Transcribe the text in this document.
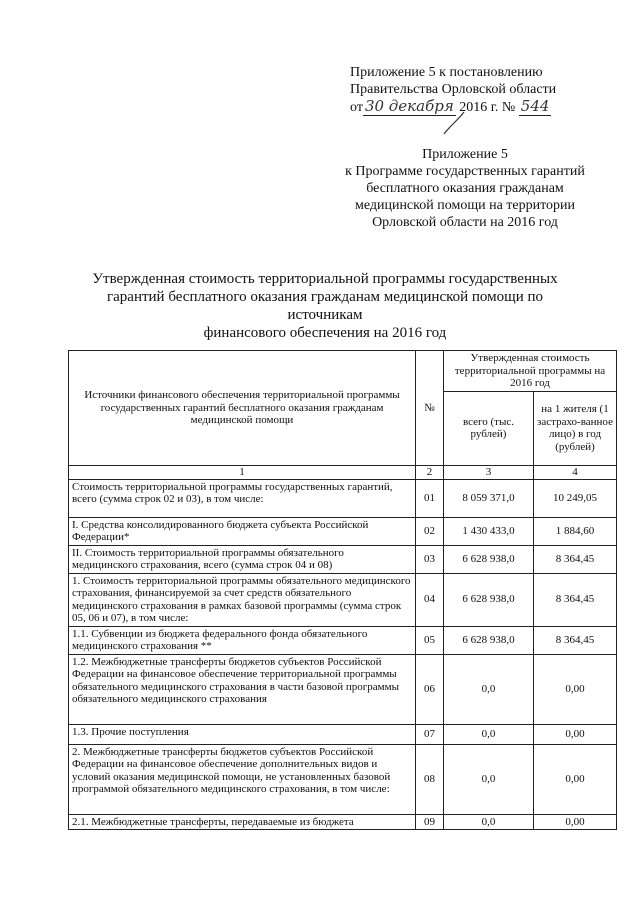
Приложение 5 к постановлению
Правительства Орловской области
от 30 декабря 2016 г. № 544
Приложение 5
к Программе государственных гарантий
бесплатного оказания гражданам
медицинской помощи на территории
Орловской области на 2016 год
Утвержденная стоимость территориальной программы государственных
гарантий бесплатного оказания гражданам медицинской помощи по источникам
финансового обеспечения на 2016 год
Источники финансового обеспечения территориальной программы государственных гарантий бесплатного оказания гражданам медицинской помощи	№	Утвержденная стоимость территориальной программы на 2016 год	
		всего (тыс. рублей)	на 1 жителя (1 застрахо-ванное лицо) в год (рублей)
1	2	3	4
Стоимость территориальной программы государственных гарантий, всего (сумма строк 02 и 03), в том числе:	01	8 059 371,0	10 249,05
I. Средства консолидированного бюджета субъекта Российской Федерации*	02	1 430 433,0	1 884,60
II. Стоимость территориальной программы обязательного медицинского страхования, всего (сумма строк 04 и 08)	03	6 628 938,0	8 364,45
1. Стоимость территориальной программы обязательного медицинского страхования, финансируемой за счет средств обязательного медицинского страхования в рамках базовой программы (сумма строк 05, 06 и 07), в том числе:	04	6 628 938,0	8 364,45
1.1. Субвенции из бюджета федерального фонда обязательного медицинского страхования **	05	6 628 938,0	8 364,45
1.2. Межбюджетные трансферты бюджетов субъектов Российской Федерации на финансовое обеспечение территориальной программы обязательного медицинского страхования в части базовой программы обязательного медицинского страхования	06	0,0	0,00
1.3. Прочие поступления	07	0,0	0,00
2. Межбюджетные трансферты бюджетов субъектов Российской Федерации на финансовое обеспечение дополнительных видов и условий оказания медицинской помощи, не установленных базовой программой обязательного медицинского страхования, в том числе:	08	0,0	0,00
2.1. Межбюджетные трансферты, передаваемые из бюджета	09	0,0	0,00
